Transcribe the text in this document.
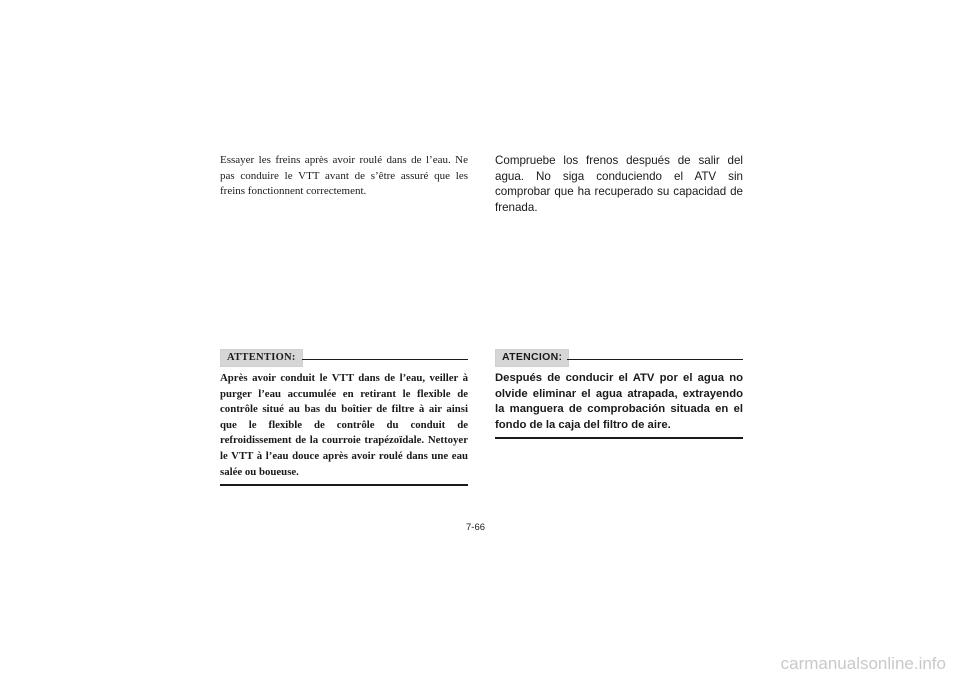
Essayer les freins après avoir roulé dans de l’eau. Ne pas conduire le VTT avant de s’être assuré que les freins fonctionnent correctement.

Compruebe los frenos después de salir del agua. No siga conduciendo el ATV sin comprobar que ha recuperado su capacidad de frenada.

ATTENTION:

Après avoir conduit le VTT dans de l’eau, veiller à purger l’eau accumulée en retirant le flexible de contrôle situé au bas du boîtier de filtre à air ainsi que le flexible de contrôle du conduit de refroidissement de la courroie trapézoïdale. Nettoyer le VTT à l’eau douce après avoir roulé dans une eau salée ou boueuse.

ATENCION:

Después de conducir el ATV por el agua no olvide eliminar el agua atrapada, extrayendo la manguera de comprobación situada en el fondo de la caja del filtro de aire.

7-66
carmanualsonline.info
